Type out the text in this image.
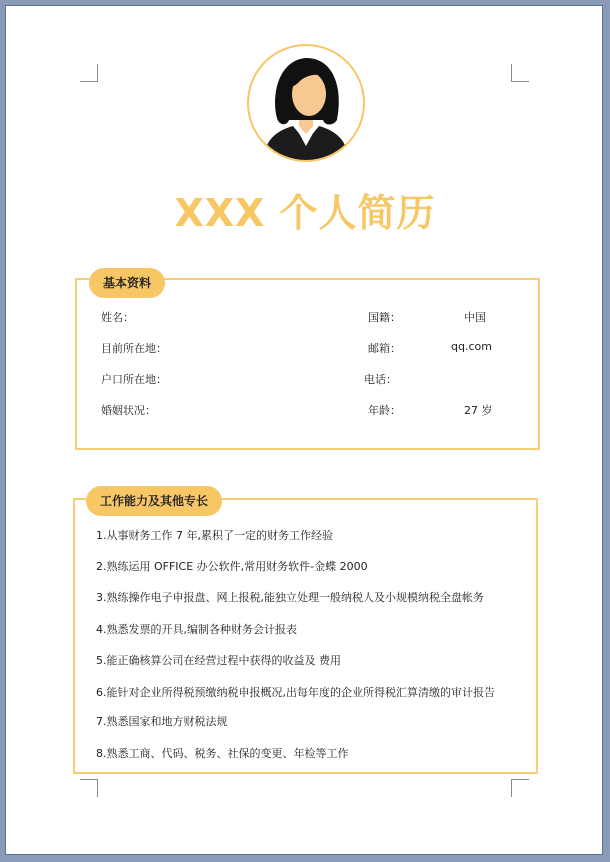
XXX 个人简历
基本资料
姓名：	国籍：	中国
目前所在地：	邮箱：	qq.com
户口所在地：	电话：
婚姻状况：	年龄：	27 岁
工作能力及其他专长
1.从事财务工作 7 年,累积了一定的财务工作经验
2.熟练运用 OFFICE 办公软件,常用财务软件-金蝶 2000
3.熟练操作电子申报盘、网上报税,能独立处理一般纳税人及小规模纳税全盘帐务
4.熟悉发票的开具,编制各种财务会计报表
5.能正确核算公司在经营过程中获得的收益及 费用
6.能针对企业所得税预缴纳税申报概况,出每年度的企业所得税汇算清缴的审计报告
7.熟悉国家和地方财税法规
8.熟悉工商、代码、税务、社保的变更、年检等工作
